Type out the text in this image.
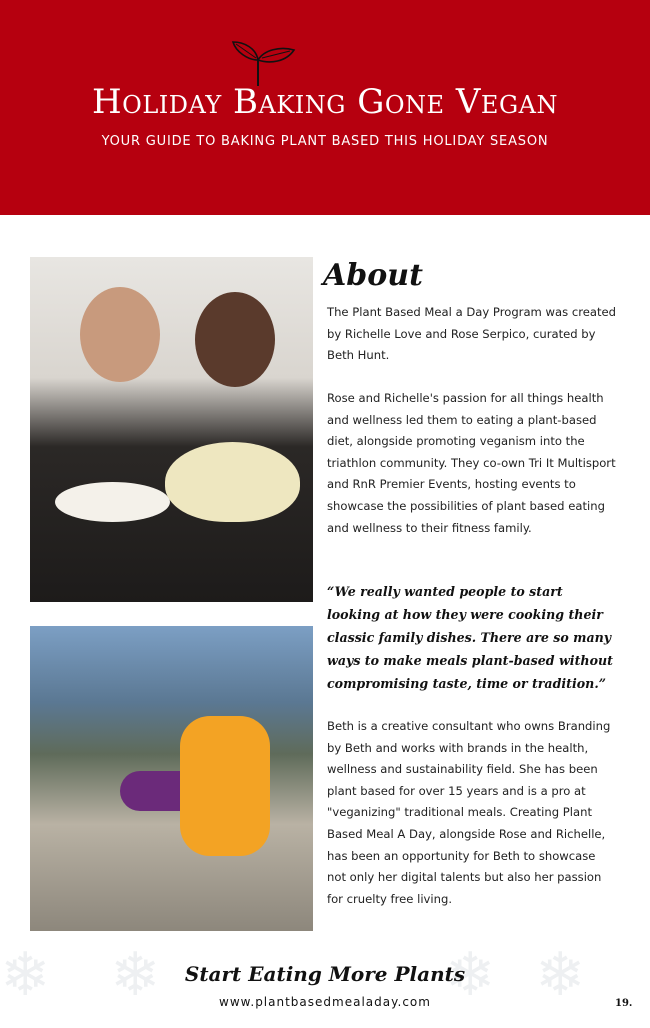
Holiday Baking Gone Vegan
YOUR GUIDE TO BAKING PLANT BASED THIS HOLIDAY SEASON
❄ ❄	❄ ❄
About

The Plant Based Meal a Day Program was created by Richelle Love and Rose Serpico, curated by Beth Hunt.

Rose and Richelle's passion for all things health and wellness led them to eating a plant-based diet, alongside promoting veganism into the triathlon community. They co-own Tri It Multisport and RnR Premier Events, hosting events to showcase the possibilities of plant based eating and wellness to their fitness family.

“We really wanted people to start looking at how they were cooking their classic family dishes. There are so many ways to make meals plant-based without compromising taste, time or tradition.”

Beth is a creative consultant who owns Branding by Beth and works with brands in the health, wellness and sustainability field. She has been plant based for over 15 years and is a pro at "veganizing" traditional meals. Creating Plant Based Meal A Day, alongside Rose and Richelle, has been an opportunity for Beth to showcase not only her digital talents but also her passion for cruelty free living.

Start Eating More Plants
www.plantbasedmealaday.com	19.
